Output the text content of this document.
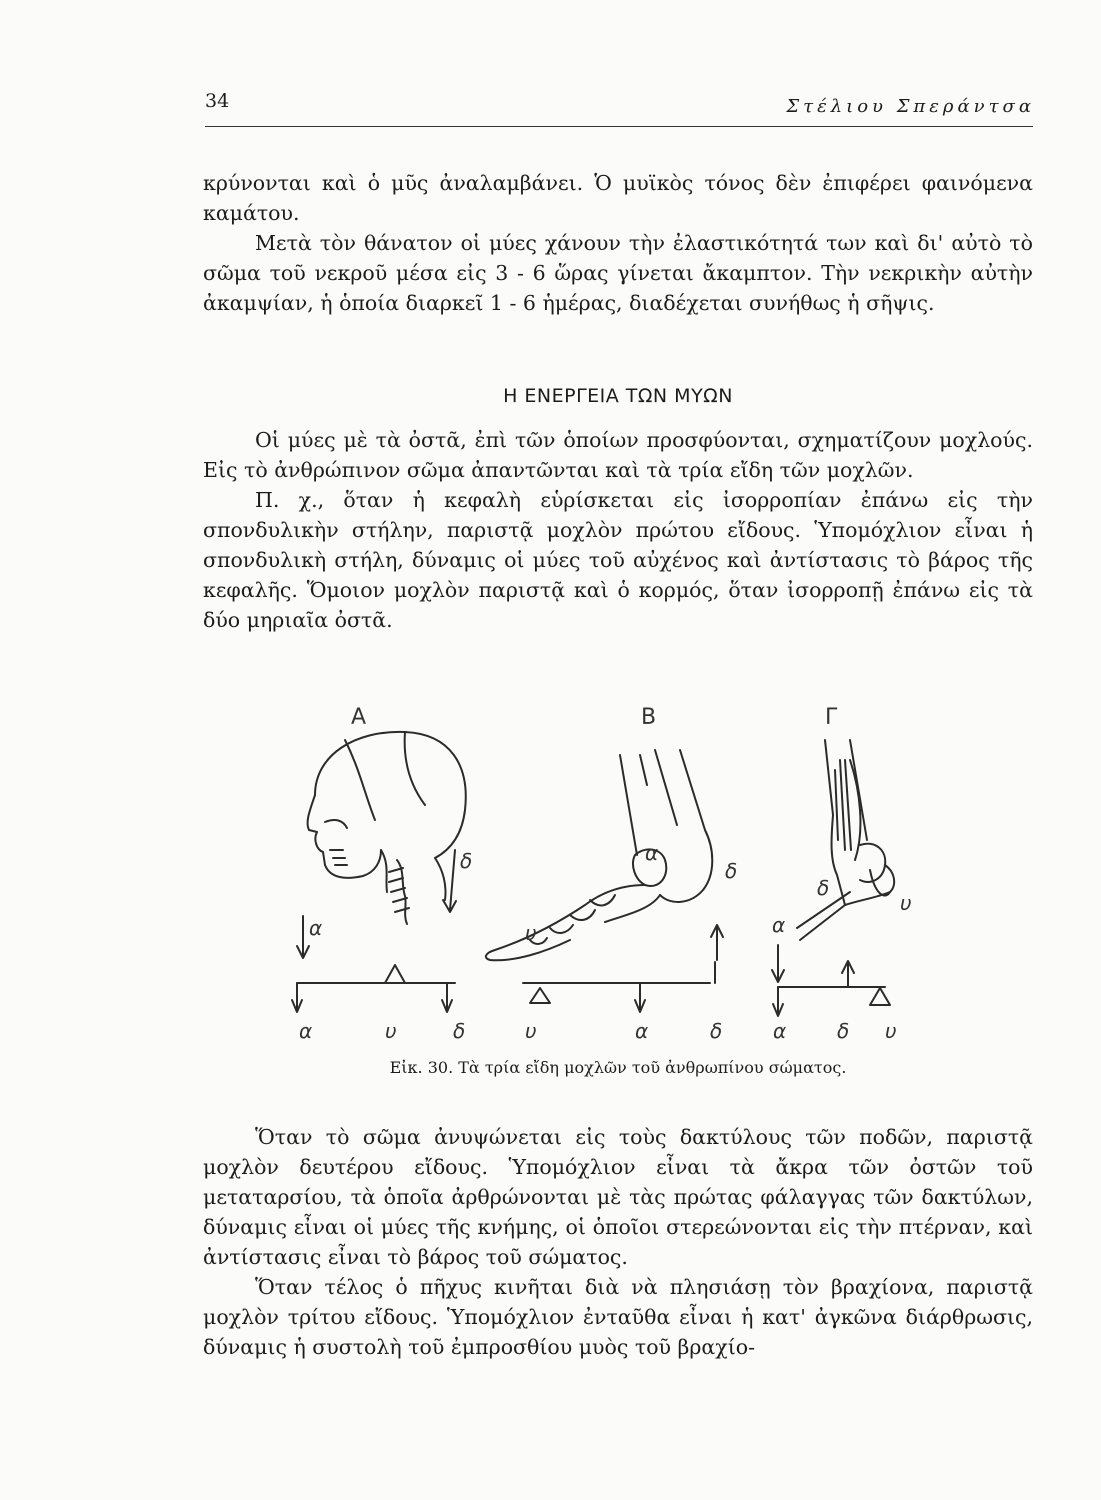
34	Στέλιου Σπεράντσα

κρύνονται καὶ ὁ μῦς ἀναλαμβάνει. Ὁ μυϊκὸς τόνος δὲν ἐπιφέρει φαινόμενα καμάτου.

Μετὰ τὸν θάνατον οἱ μύες χάνουν τὴν ἐλαστικότητά των καὶ δι' αὐτὸ τὸ σῶμα τοῦ νεκροῦ μέσα εἰς 3 - 6 ὥρας γίνεται ἄκαμπτον. Τὴν νεκρικὴν αὐτὴν ἀκαμψίαν, ἡ ὁποία διαρκεῖ 1 - 6 ἡμέρας, διαδέχεται συνήθως ἡ σῆψις.

Η ΕΝΕΡΓΕΙΑ ΤΩΝ ΜΥΩΝ

Οἱ μύες μὲ τὰ ὀστᾶ, ἐπὶ τῶν ὁποίων προσφύονται, σχηματίζουν μοχλούς. Εἰς τὸ ἀνθρώπινον σῶμα ἀπαντῶνται καὶ τὰ τρία εἴδη τῶν μοχλῶν.

Π. χ., ὅταν ἡ κεφαλὴ εὑρίσκεται εἰς ἰσορροπίαν ἐπάνω εἰς τὴν σπονδυλικὴν στήλην, παριστᾷ μοχλὸν πρώτου εἴδους. Ὑπομόχλιον εἶναι ἡ σπονδυλικὴ στήλη, δύναμις οἱ μύες τοῦ αὐχένος καὶ ἀντίστασις τὸ βάρος τῆς κεφαλῆς. Ὅμοιον μοχλὸν παριστᾷ καὶ ὁ κορμός, ὅταν ἰσορροπῇ ἐπάνω εἰς τὰ δύο μηριαῖα ὀστᾶ.

Α	Β	Γ
δ
α
α
δ
υ
δ
υ
α
α	υ	δ	υ	α	δ	α	δ υ
Εἰκ. 30. Τὰ τρία εἴδη μοχλῶν τοῦ ἀνθρωπίνου σώματος.

Ὅταν τὸ σῶμα ἀνυψώνεται εἰς τοὺς δακτύλους τῶν ποδῶν, παριστᾷ μοχλὸν δευτέρου εἴδους. Ὑπομόχλιον εἶναι τὰ ἄκρα τῶν ὀστῶν τοῦ μεταταρσίου, τὰ ὁποῖα ἀρθρώνονται μὲ τὰς πρώτας φάλαγγας τῶν δακτύλων, δύναμις εἶναι οἱ μύες τῆς κνήμης, οἱ ὁποῖοι στερεώνονται εἰς τὴν πτέρναν, καὶ ἀντίστασις εἶναι τὸ βάρος τοῦ σώματος.

Ὅταν τέλος ὁ πῆχυς κινῆται διὰ νὰ πλησιάσῃ τὸν βραχίονα, παριστᾷ μοχλὸν τρίτου εἴδους. Ὑπομόχλιον ἐνταῦθα εἶναι ἡ κατ' ἀγκῶνα διάρθρωσις, δύναμις ἡ συστολὴ τοῦ ἐμπροσθίου μυὸς τοῦ βραχίο-
